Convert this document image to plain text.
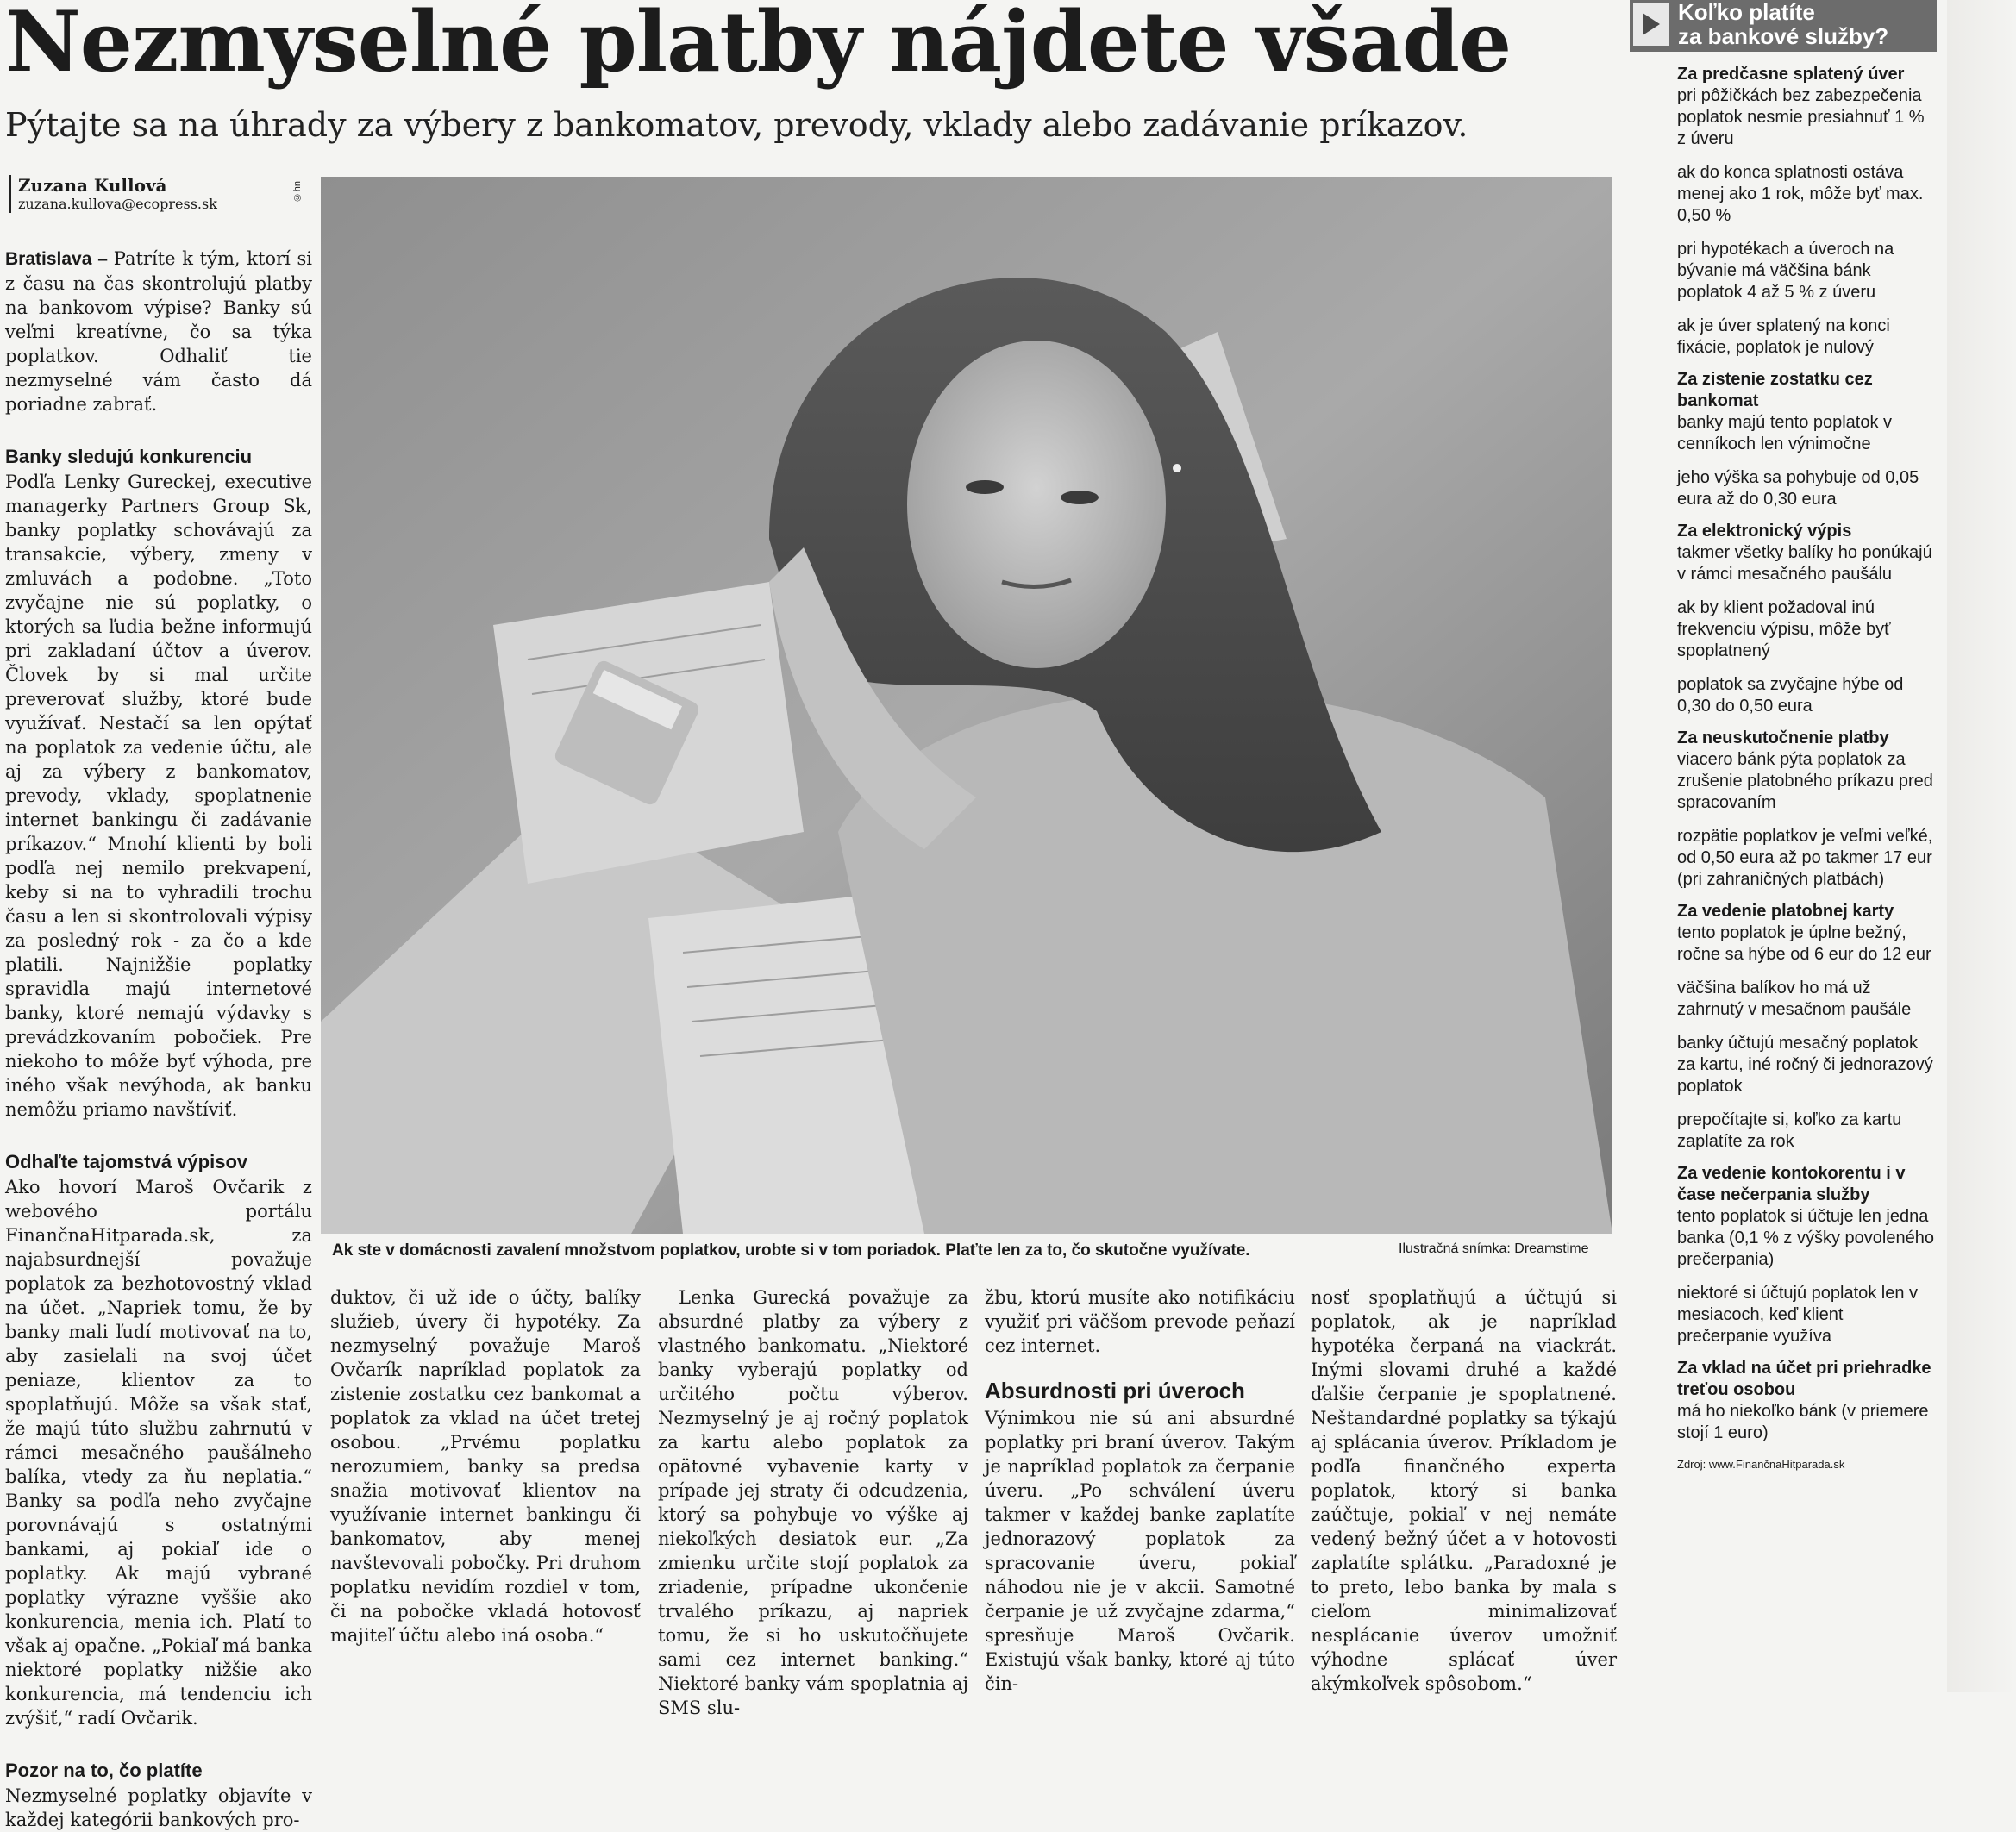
Nezmyselné platby nájdete všade
Pýtajte sa na úhrady za výbery z bankomatov, prevody, vklady alebo zadávanie príkazov.
Zuzana Kullová
zuzana.kullova@ecopress.sk
©hn
Ak ste v domácnosti zavalení množstvom poplatkov, urobte si v tom poriadok. Plaťte len za to, čo skutočne využívate.	Ilustračná snímka: Dreamstime

Bratislava – Patríte k tým, ktorí si z času na čas skontrolujú platby na bankovom výpise? Banky sú veľmi kreatívne, čo sa týka poplatkov. Odhaliť tie nezmyselné vám často dá poriadne zabrať.

Banky sledujú konkurenciu

Podľa Lenky Gureckej, executive managerky Partners Group Sk, banky poplatky schovávajú za transakcie, výbery, zmeny v zmluvách a podobne. „Toto zvyčajne nie sú poplatky, o ktorých sa ľudia bežne informujú pri zakladaní účtov a úverov. Človek by si mal určite preverovať služby, ktoré bude využívať. Nestačí sa len opýtať na poplatok za vedenie účtu, ale aj za výbery z bankomatov, prevody, vklady, spoplatnenie internet bankingu či zadávanie príkazov.“ Mnohí klienti by boli podľa nej nemilo prekvapení, keby si na to vyhradili trochu času a len si skontrolovali výpisy za posledný rok - za čo a kde platili. Najnižšie poplatky spravidla majú internetové banky, ktoré nemajú výdavky s prevádzkovaním pobočiek. Pre niekoho to môže byť výhoda, pre iného však nevýhoda, ak banku nemôžu priamo navštíviť.

Odhaľte tajomstvá výpisov

Ako hovorí Maroš Ovčarik z webového portálu FinančnaHitparada.sk, za najabsurdnejší považuje poplatok za bezhotovostný vklad na účet. „Napriek tomu, že by banky mali ľudí motivovať na to, aby zasielali na svoj účet peniaze, klientov za to spoplatňujú. Môže sa však stať, že majú túto službu zahrnutú v rámci mesačného paušálneho balíka, vtedy za ňu neplatia.“ Banky sa podľa neho zvyčajne porovnávajú s ostatnými bankami, aj pokiaľ ide o poplatky. Ak majú vybrané poplatky výrazne vyššie ako konkurencia, menia ich. Platí to však aj opačne. „Pokiaľ má banka niektoré poplatky nižšie ako konkurencia, má tendenciu ich zvýšiť,“ radí Ovčarik.

Pozor na to, čo platíte

Nezmyselné poplatky objavíte v každej kategórii bankových pro-

duktov, či už ide o účty, balíky služieb, úvery či hypotéky. Za nezmyselný považuje Maroš Ovčarík napríklad poplatok za zistenie zostatku cez bankomat a poplatok za vklad na účet tretej osobou. „Prvému poplatku nerozumiem, banky sa predsa snažia motivovať klientov na využívanie internet bankingu či bankomatov, aby menej navštevovali pobočky. Pri druhom poplatku nevidím rozdiel v tom, či na pobočke vkladá hotovosť majiteľ účtu alebo iná osoba.“

Lenka Gurecká považuje za absurdné platby za výbery z vlastného bankomatu. „Niektoré banky vyberajú poplatky od určitého počtu výberov. Nezmyselný je aj ročný poplatok za kartu alebo poplatok za opätovné vybavenie karty v prípade jej straty či odcudzenia, ktorý sa pohybuje vo výške aj niekoľkých desiatok eur. „Za zmienku určite stojí poplatok za zriadenie, prípadne ukončenie trvalého príkazu, aj napriek tomu, že si ho uskutočňujete sami cez internet banking.“ Niektoré banky vám spoplatnia aj SMS slu-

žbu, ktorú musíte ako notifikáciu využiť pri väčšom prevode peňazí cez internet.

Absurdnosti pri úveroch

Výnimkou nie sú ani absurdné poplatky pri braní úverov. Takým je napríklad poplatok za čerpanie úveru. „Po schválení úveru takmer v každej banke zaplatíte jednorazový poplatok za spracovanie úveru, pokiaľ náhodou nie je v akcii. Samotné čerpanie je už zvyčajne zdarma,“ spresňuje Maroš Ovčarik. Existujú však banky, ktoré aj túto čin-

nosť spoplatňujú a účtujú si poplatok, ak je napríklad hypotéka čerpaná na viackrát. Inými slovami druhé a každé ďalšie čerpanie je spoplatnené. Neštandardné poplatky sa týkajú aj splácania úverov. Príkladom je podľa finančného experta poplatok, ktorý si banka zaúčtuje, pokiaľ v nej nemáte vedený bežný účet a v hotovosti zaplatíte splátku. „Paradoxné je to preto, lebo banka by mala s cieľom minimalizovať nesplácanie úverov umožniť výhodne splácať úver akýmkoľvek spôsobom.“

Koľko platíte
za bankové služby?
Za predčasne splatený úver
pri pôžičkách bez zabezpečenia poplatok nesmie presiahnuť 1 % z úveru
ak do konca splatnosti ostáva menej ako 1 rok, môže byť max. 0,50 %
pri hypotékach a úveroch na bývanie má väčšina bánk poplatok 4 až 5 % z úveru
ak je úver splatený na konci fixácie, poplatok je nulový
Za zistenie zostatku cez bankomat
banky majú tento poplatok v cenníkoch len výnimočne
jeho výška sa pohybuje od 0,05 eura až do 0,30 eura
Za elektronický výpis
takmer všetky balíky ho ponúkajú v rámci mesačného paušálu
ak by klient požadoval inú frekvenciu výpisu, môže byť spoplatnený
poplatok sa zvyčajne hýbe od 0,30 do 0,50 eura
Za neuskutočnenie platby
viacero bánk pýta poplatok za zrušenie platobného príkazu pred spracovaním
rozpätie poplatkov je veľmi veľké, od 0,50 eura až po takmer 17 eur (pri zahraničných platbách)
Za vedenie platobnej karty
tento poplatok je úplne bežný, ročne sa hýbe od 6 eur do 12 eur
väčšina balíkov ho má už zahrnutý v mesačnom paušále
banky účtujú mesačný poplatok za kartu, iné ročný či jednorazový poplatok
prepočítajte si, koľko za kartu zaplatíte za rok
Za vedenie kontokorentu i v čase nečerpania služby
tento poplatok si účtuje len jedna banka (0,1 % z výšky povoleného prečerpania)
niektoré si účtujú poplatok len v mesiacoch, keď klient prečerpanie využíva
Za vklad na účet pri priehradke treťou osobou
má ho niekoľko bánk (v priemere stojí 1 euro)
Zdroj: www.FinančnaHitparada.sk
